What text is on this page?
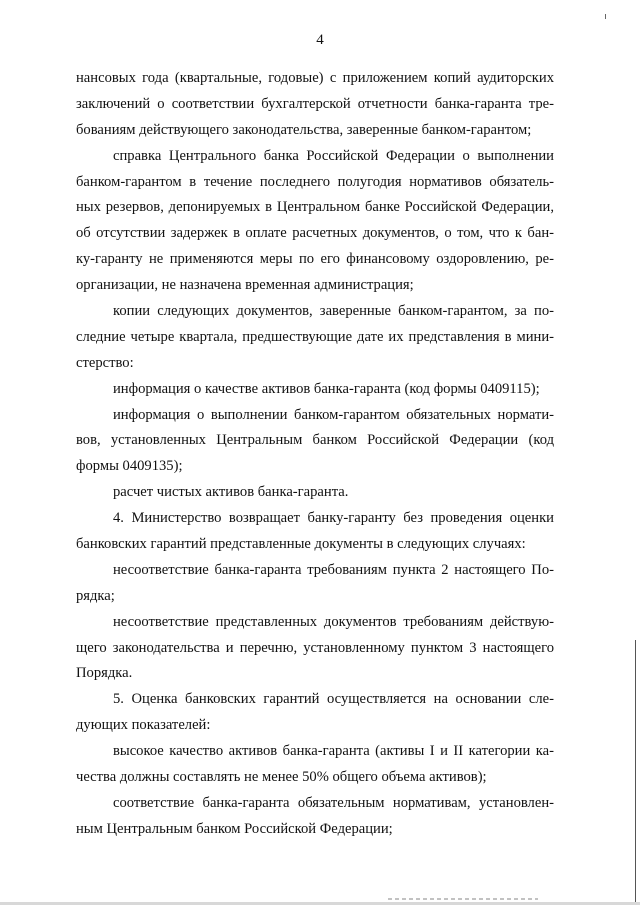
4
нансовых года (квартальные, годовые) с приложением копий аудиторских
заключений о соответствии бухгалтерской отчетности банка-гаранта тре-
бованиям действующего законодательства, заверенные банком-гарантом;
справка Центрального банка Российской Федерации о выполнении
банком-гарантом в течение последнего полугодия нормативов обязатель-
ных резервов, депонируемых в Центральном банке Российской Федерации,
об отсутствии задержек в оплате расчетных документов, о том, что к бан-
ку-гаранту не применяются меры по его финансовому оздоровлению, ре-
организации, не назначена временная администрация;
копии следующих документов, заверенные банком-гарантом, за по-
следние четыре квартала, предшествующие дате их представления в мини-
стерство:
информация о качестве активов банка-гаранта (код формы 0409115);
информация о выполнении банком-гарантом обязательных нормати-
вов, установленных Центральным банком Российской Федерации (код
формы 0409135);
расчет чистых активов банка-гаранта.
4. Министерство возвращает банку-гаранту без проведения оценки
банковских гарантий представленные документы в следующих случаях:
несоответствие банка-гаранта требованиям пункта 2 настоящего По-
рядка;
несоответствие представленных документов требованиям действую-
щего законодательства и перечню, установленному пунктом 3 настоящего
Порядка.
5. Оценка банковских гарантий осуществляется на основании сле-
дующих показателей:
высокое качество активов банка-гаранта (активы I и II категории ка-
чества должны составлять не менее 50% общего объема активов);
соответствие банка-гаранта обязательным нормативам, установлен-
ным Центральным банком Российской Федерации;
